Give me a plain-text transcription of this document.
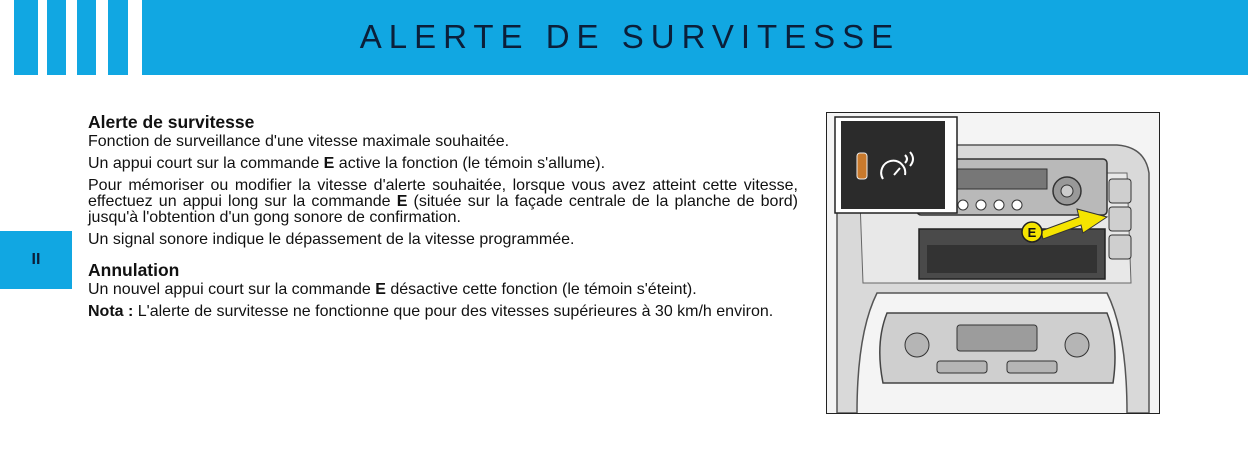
ALERTE DE SURVITESSE
II
Alerte de survitesse
Fonction de surveillance d'une vitesse maximale souhaitée.
Un appui court sur la commande E active la fonction (le témoin s'allume).
Pour mémoriser ou modifier la vitesse d'alerte souhaitée, lorsque vous avez atteint cette vitesse, effectuez un appui long sur la commande E (située sur la façade centrale de la planche de bord) jusqu'à l'obtention d'un gong sonore de confirmation.
Un signal sonore indique le dépassement de la vitesse programmée.
Annulation
Un nouvel appui court sur la commande E désactive cette fonction (le témoin s'éteint).
Nota : L'alerte de survitesse ne fonctionne que pour des vitesses supérieures à 30 km/h environ.
E
